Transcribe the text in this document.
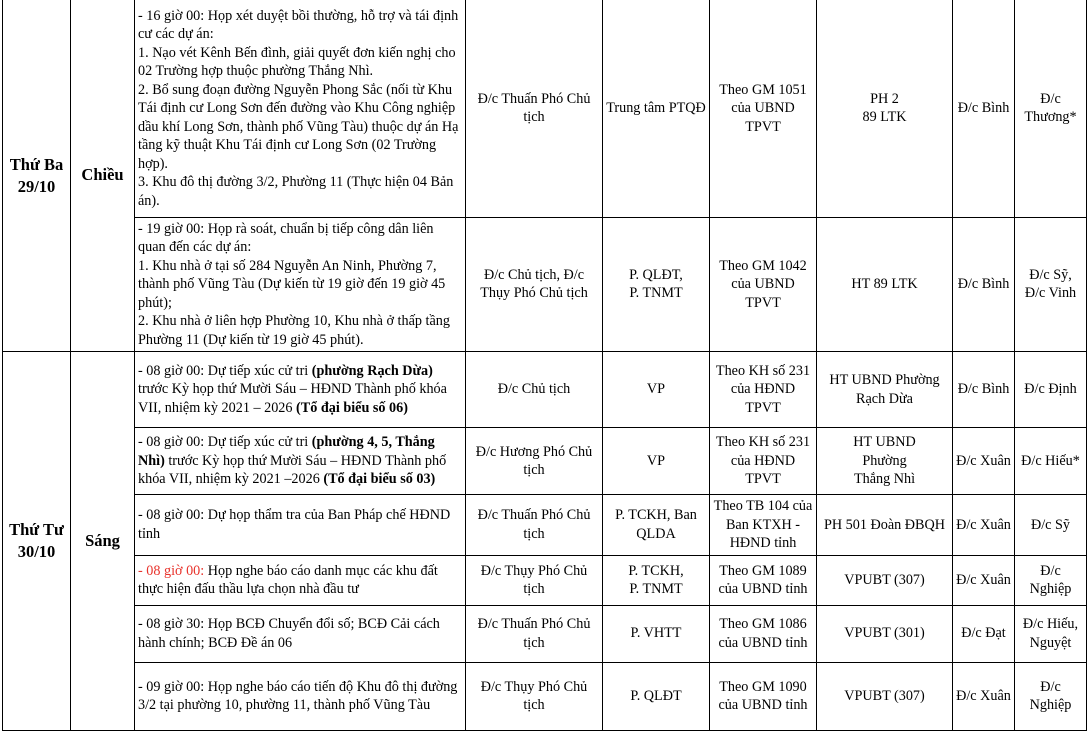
Thứ Ba
29/10	Chiều	- 16 giờ 00: Họp xét duyệt bồi thường, hỗ trợ và tái định cư các dự án:
1. Nạo vét Kênh Bến đình, giải quyết đơn kiến nghị cho 02 Trường hợp thuộc phường Thắng Nhì.
2. Bổ sung đoạn đường Nguyễn Phong Sắc (nối từ Khu Tái định cư Long Sơn đến đường vào Khu Công nghiệp dầu khí Long Sơn, thành phố Vũng Tàu) thuộc dự án Hạ tầng kỹ thuật Khu Tái định cư Long Sơn (02 Trường hợp).
3. Khu đô thị đường 3/2, Phường 11 (Thực hiện 04 Bản án).	Đ/c Thuấn Phó Chủ tịch	Trung tâm PTQĐ	Theo GM 1051 của UBND TPVT	PH 2
89 LTK	Đ/c Bình	Đ/c Thương*

		- 19 giờ 00: Họp rà soát, chuẩn bị tiếp công dân liên quan đến các dự án:
1. Khu nhà ở tại số 284 Nguyễn An Ninh, Phường 7, thành phố Vũng Tàu (Dự kiến từ 19 giờ đến 19 giờ 45 phút);
2. Khu nhà ở liên hợp Phường 10, Khu nhà ở thấp tầng Phường 11 (Dự kiến từ 19 giờ 45 phút).	Đ/c Chủ tịch, Đ/c Thụy Phó Chủ tịch	P. QLĐT,
P. TNMT	Theo GM 1042 của UBND TPVT	HT 89 LTK	Đ/c Bình	Đ/c Sỹ,
Đ/c Vinh

Thứ Tư
30/10	Sáng	- 08 giờ 00: Dự tiếp xúc cử tri (phường Rạch Dừa) trước Kỳ họp thứ Mười Sáu – HĐND Thành phố khóa VII, nhiệm kỳ 2021 – 2026 (Tổ đại biểu số 06)	Đ/c Chủ tịch	VP	Theo KH số 231 của HĐND TPVT	HT UBND Phường Rạch Dừa	Đ/c Bình	Đ/c Định
		- 08 giờ 00: Dự tiếp xúc cử tri (phường 4, 5, Thắng Nhì) trước Kỳ họp thứ Mười Sáu – HĐND Thành phố khóa VII, nhiệm kỳ 2021 –2026 (Tổ đại biểu số 03)	Đ/c Hương Phó Chủ tịch	VP	Theo KH số 231 của HĐND TPVT	HT UBND
Phường
Thắng Nhì	Đ/c Xuân	Đ/c Hiếu*
		- 08 giờ 00: Dự họp thẩm tra của Ban Pháp chế HĐND tỉnh	Đ/c Thuấn Phó Chủ tịch	P. TCKH, Ban QLDA	Theo TB 104 của Ban KTXH - HĐND tỉnh	PH 501 Đoàn ĐBQH	Đ/c Xuân	Đ/c Sỹ
		- 08 giờ 00: Họp nghe báo cáo danh mục các khu đất thực hiện đấu thầu lựa chọn nhà đầu tư	Đ/c Thụy Phó Chủ tịch	P. TCKH,
P. TNMT	Theo GM 1089 của UBND tỉnh	VPUBT (307)	Đ/c Xuân	Đ/c Nghiệp
		- 08 giờ 30: Họp BCĐ Chuyển đổi số; BCĐ Cải cách hành chính; BCĐ Đề án 06	Đ/c Thuấn Phó Chủ tịch	P. VHTT	Theo GM 1086 của UBND tỉnh	VPUBT (301)	Đ/c Đạt	Đ/c Hiếu, Nguyệt
		- 09 giờ 00: Họp nghe báo cáo tiến độ Khu đô thị đường 3/2 tại phường 10, phường 11, thành phố Vũng Tàu	Đ/c Thụy Phó Chủ tịch	P. QLĐT	Theo GM 1090 của UBND tỉnh	VPUBT (307)	Đ/c Xuân	Đ/c Nghiệp
